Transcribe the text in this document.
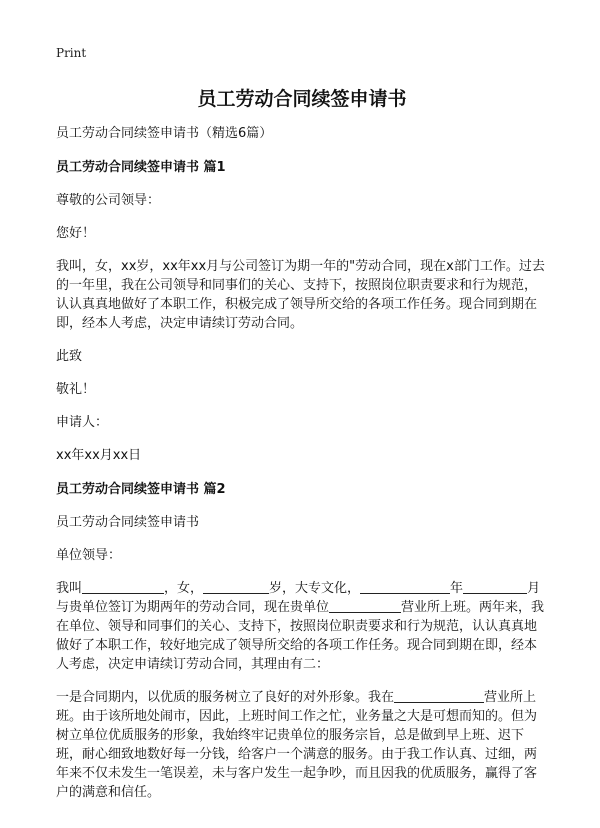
Print
员工劳动合同续签申请书

员工劳动合同续签申请书（精选6篇）

员工劳动合同续签申请书 篇1

尊敬的公司领导：

您好！

我叫，女，xx岁，xx年xx月与公司签订为期一年的"劳动合同，现在x部门工作。过去的一年里，我在公司领导和同事们的关心、支持下，按照岗位职责要求和行为规范，认认真真地做好了本职工作，积极完成了领导所交给的各项工作任务。现合同到期在即，经本人考虑，决定申请续订劳动合同。

此致

敬礼！

申请人：

xx年xx月xx日

员工劳动合同续签申请书 篇2

员工劳动合同续签申请书

单位领导：

我叫	，女，	岁，大专文化，	年	月与贵单位签订为期两年的劳动合同，现在贵单位	营业所上班。两年来，我在单位、领导和同事们的关心、支持下，按照岗位职责要求和行为规范，认认真真地做好了本职工作，较好地完成了领导所交给的各项工作任务。现合同到期在即，经本人考虑，决定申请续订劳动合同，其理由有二：

一是合同期内，以优质的服务树立了良好的对外形象。我在	营业所上班。由于该所地处闹市，因此，上班时间工作之忙，业务量之大是可想而知的。但为树立单位优质服务的形象，我始终牢记贵单位的服务宗旨，总是做到早上班、迟下班，耐心细致地数好每一分钱，给客户一个满意的服务。由于我工作认真、过细，两年来不仅未发生一笔误差，未与客户发生一起争吵，而且因我的优质服务，赢得了客户的满意和信任。
